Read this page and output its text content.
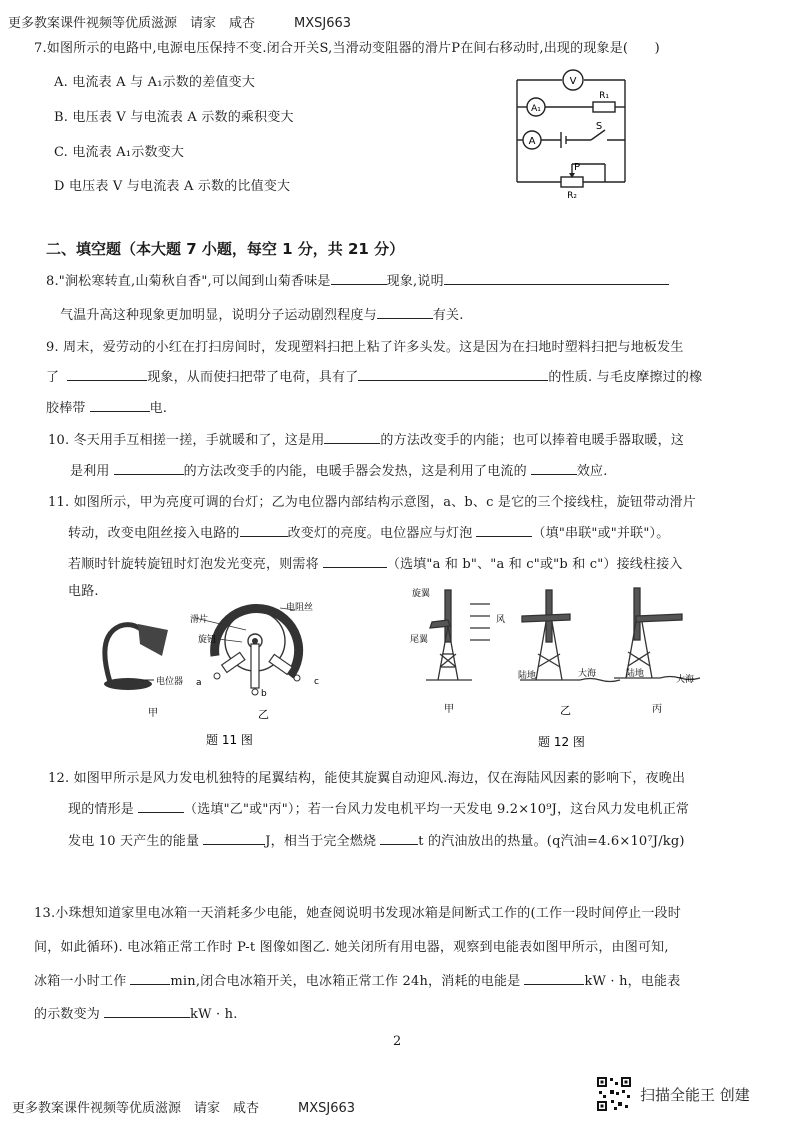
更多教案课件视频等优质滋源　请家　咸杏　　　MXSJ663
7.如图所示的电路中,电源电压保持不变.闭合开关S,当滑动变阻器的滑片P在间右移动时,出现的现象是(　　)
A. 电流表 A 与 A₁示数的差值变大
B. 电压表 V 与电流表 A 示数的乘积变大
C. 电流表 A₁示数变大
D 电压表 V 与电流表 A 示数的比值变大
V
A₁
R₁
A
S
P
R₂
二、填空题（本大题 7 小题，每空 1 分，共 21 分）
8."涧松寒转直,山菊秋自香",可以闻到山菊香味是	现象,说明
气温升高这种现象更加明显，说明分子运动剧烈程度与	有关.
9. 周末，爱劳动的小红在打扫房间时，发现塑料扫把上粘了许多头发。这是因为在扫地时塑料扫把与地板发生
了	现象，从而使扫把带了电荷，具有了	的性质. 与毛皮摩擦过的橡
胶棒带	电.
10. 冬天用手互相搓一搓，手就暖和了，这是用	的方法改变手的内能；也可以捧着电暖手器取暖，这
是利用	的方法改变手的内能，电暖手器会发热，这是利用了电流的	效应.
11. 如图所示，甲为亮度可调的台灯；乙为电位器内部结构示意图，a、b、c 是它的三个接线柱，旋钮带动滑片
转动，改变电阻丝接入电路的	改变灯的亮度。电位器应与灯泡	（填"串联"或"并联"）。
若顺时针旋转旋钮时灯泡发光变亮，则需将	（选填"a 和 b"、"a 和 c"或"b 和 c"）接线柱接入
电路.
电位器
电阻丝
滑片
旋钮
a
b
c
甲	乙
题 11 图
旋翼
风
尾翼
陆地	大海	陆地
大海
甲	乙	丙
题 12 图
12. 如图甲所示是风力发电机独特的尾翼结构，能使其旋翼自动迎风.海边，仅在海陆风因素的影响下，夜晚出
现的情形是	（选填"乙"或"丙"）；若一台风力发电机平均一天发电 9.2×10⁹J，这台风力发电机正常
发电 10 天产生的能量	J，相当于完全燃烧	t 的汽油放出的热量。(q汽油=4.6×10⁷J/kg)
13.小珠想知道家里电冰箱一天消耗多少电能，她查阅说明书发现冰箱是间断式工作的(工作一段时间停止一段时
间，如此循环). 电冰箱正常工作时 P-t 图像如图乙. 她关闭所有用电器，观察到电能表如图甲所示，由图可知,
冰箱一小时工作	min,闭合电冰箱开关，电冰箱正常工作 24h，消耗的电能是	kW · h，电能表
的示数变为	kW · h.
2
更多教案课件视频等优质滋源　请家　咸杏　　　MXSJ663
扫描全能王 创建
